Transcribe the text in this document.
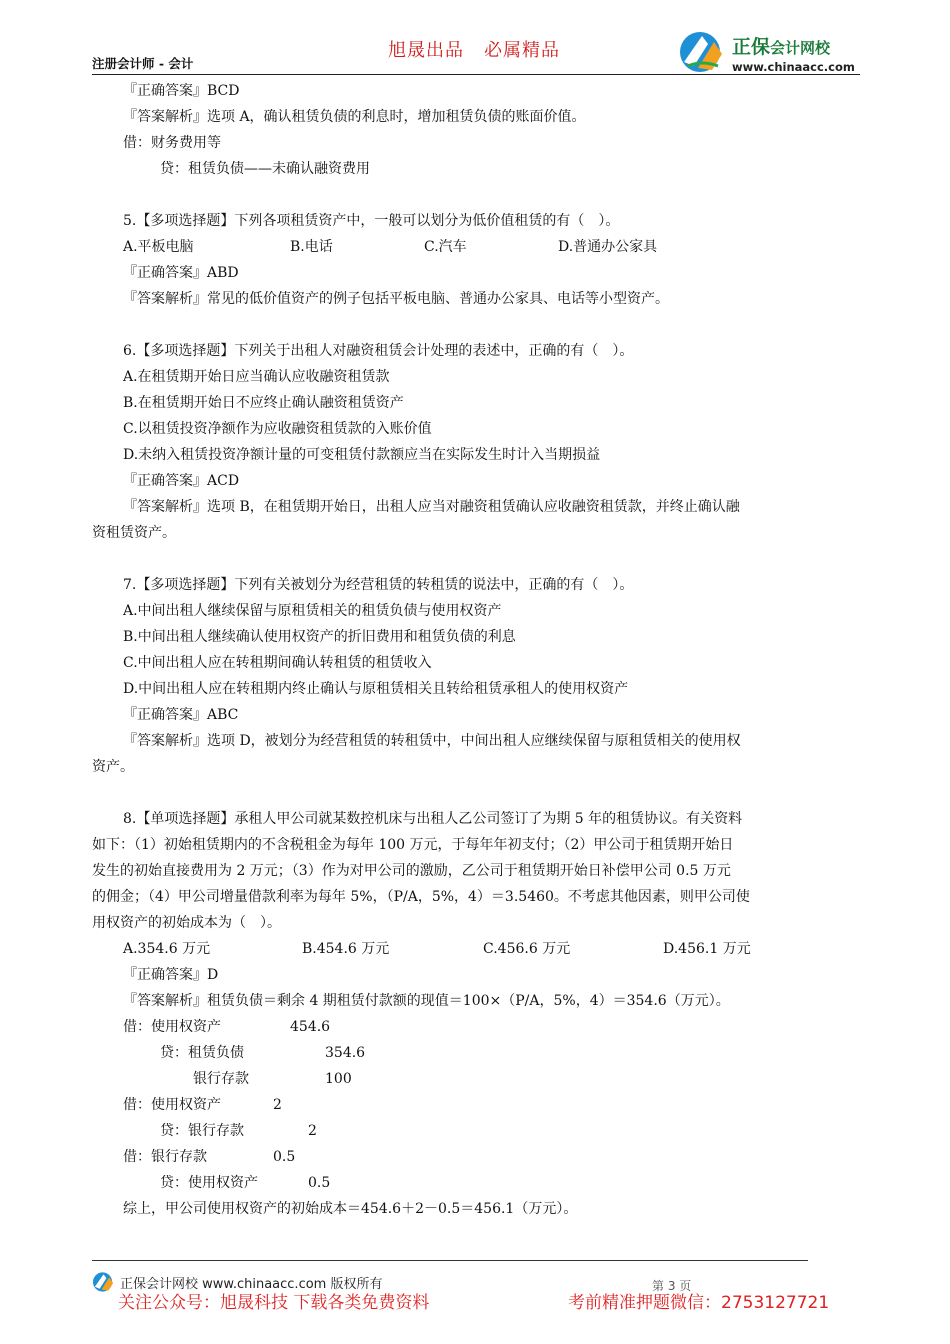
旭晟出品 必属精品
注册会计师 - 会计
正保会计网校
www.chinaacc.com
『正确答案』BCD
『答案解析』选项 A，确认租赁负债的利息时，增加租赁负债的账面价值。
借：财务费用等
贷：租赁负债——未确认融资费用
5.【多项选择题】下列各项租赁资产中，一般可以划分为低价值租赁的有（　）。
A.平板电脑	B.电话	C.汽车	D.普通办公家具
『正确答案』ABD
『答案解析』常见的低价值资产的例子包括平板电脑、普通办公家具、电话等小型资产。
6.【多项选择题】下列关于出租人对融资租赁会计处理的表述中，正确的有（　）。
A.在租赁期开始日应当确认应收融资租赁款
B.在租赁期开始日不应终止确认融资租赁资产
C.以租赁投资净额作为应收融资租赁款的入账价值
D.未纳入租赁投资净额计量的可变租赁付款额应当在实际发生时计入当期损益
『正确答案』ACD
『答案解析』选项 B，在租赁期开始日，出租人应当对融资租赁确认应收融资租赁款，并终止确认融
资租赁资产。
7.【多项选择题】下列有关被划分为经营租赁的转租赁的说法中，正确的有（　）。
A.中间出租人继续保留与原租赁相关的租赁负债与使用权资产
B.中间出租人继续确认使用权资产的折旧费用和租赁负债的利息
C.中间出租人应在转租期间确认转租赁的租赁收入
D.中间出租人应在转租期内终止确认与原租赁相关且转给租赁承租人的使用权资产
『正确答案』ABC
『答案解析』选项 D，被划分为经营租赁的转租赁中，中间出租人应继续保留与原租赁相关的使用权
资产。
8.【单项选择题】承租人甲公司就某数控机床与出租人乙公司签订了为期 5 年的租赁协议。有关资料
如下：（1）初始租赁期内的不含税租金为每年 100 万元，于每年年初支付；（2）甲公司于租赁期开始日
发生的初始直接费用为 2 万元；（3）作为对甲公司的激励，乙公司于租赁期开始日补偿甲公司 0.5 万元
的佣金；（4）甲公司增量借款利率为每年 5%，（P/A，5%，4）＝3.5460。不考虑其他因素，则甲公司使
用权资产的初始成本为（　）。
A.354.6 万元	B.454.6 万元	C.456.6 万元	D.456.1 万元
『正确答案』D
『答案解析』租赁负债＝剩余 4 期租赁付款额的现值＝100×（P/A，5%，4）＝354.6（万元）。
借：使用权资产	454.6
贷：租赁负债	354.6
银行存款	100
借：使用权资产	2
贷：银行存款	2
借：银行存款	0.5
贷：使用权资产	0.5
综上，甲公司使用权资产的初始成本＝454.6＋2－0.5＝456.1（万元）。
正保会计网校 www.chinaacc.com 版权所有	第 3 页
关注公众号：旭晟科技 下载各类免费资料	考前精准押题微信：2753127721
